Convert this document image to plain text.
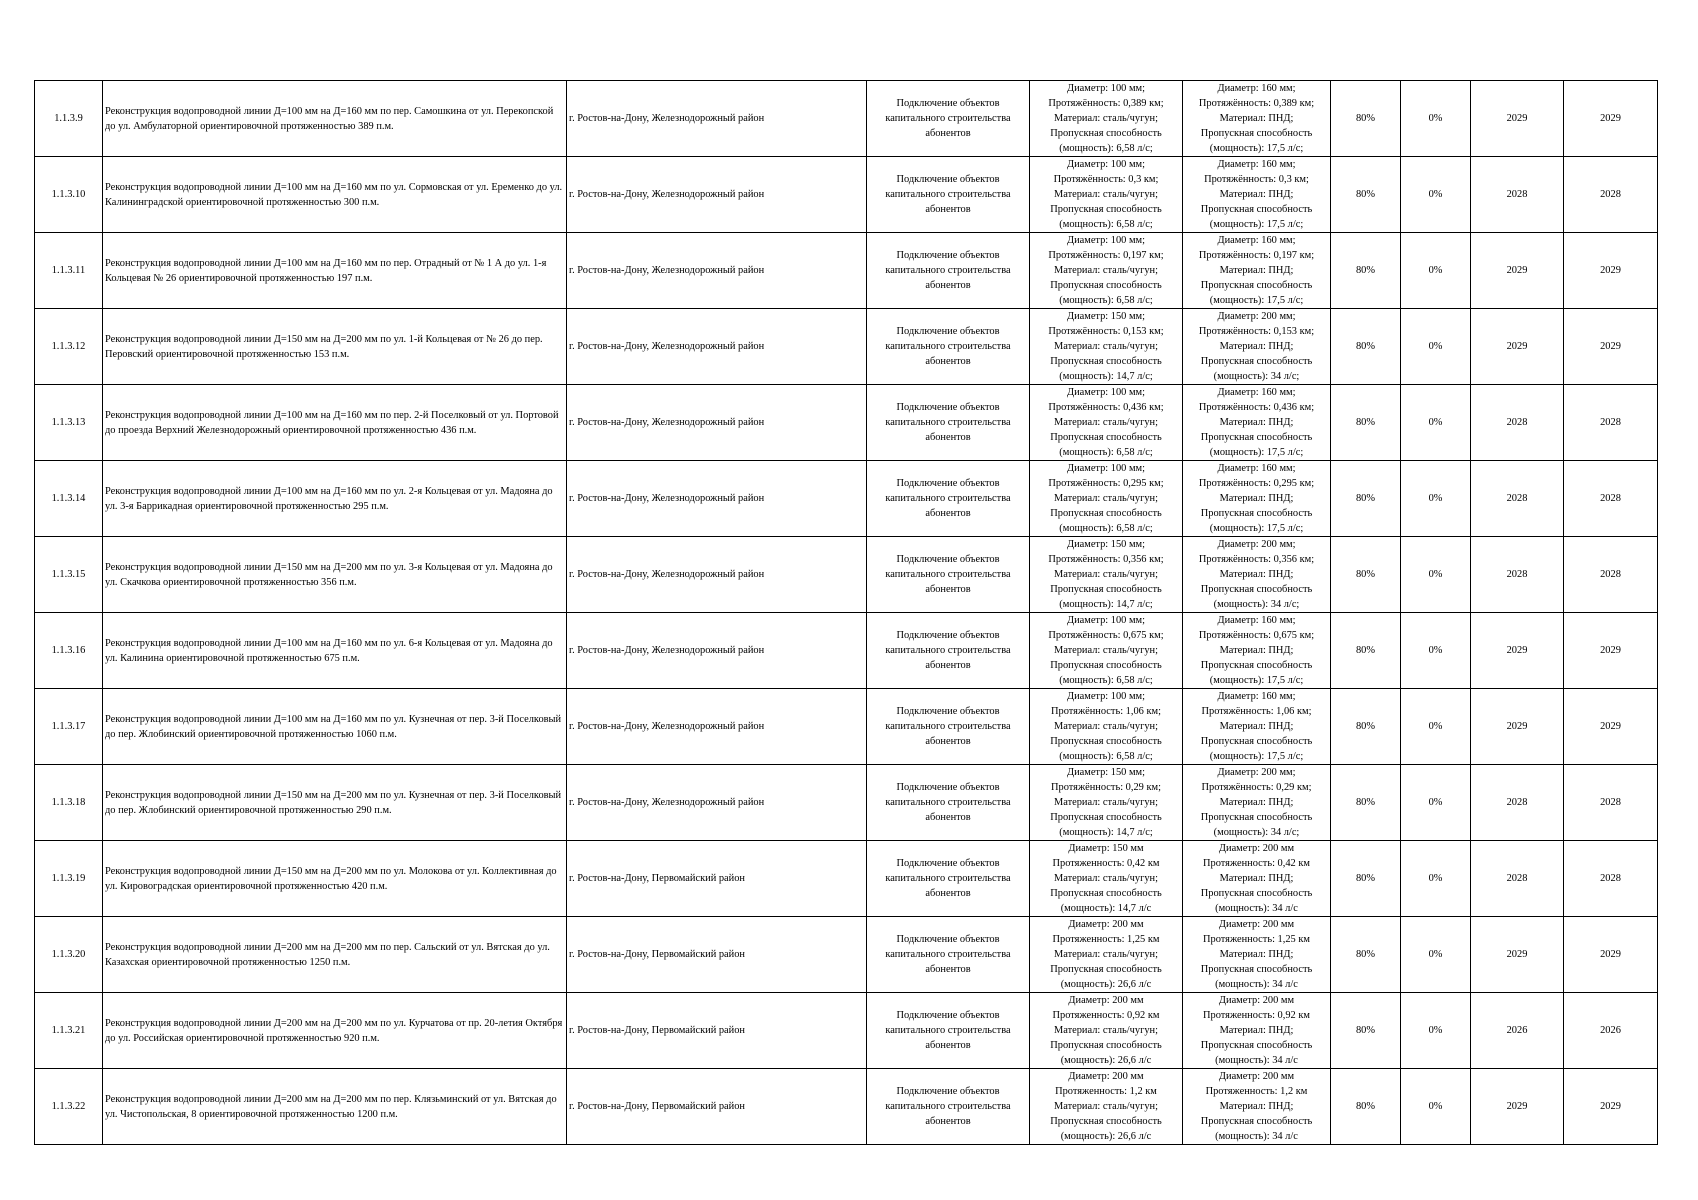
1.1.3.9	Реконструкция водопроводной линии Д=100 мм на Д=160 мм по пер. Самошкина от ул. Перекопской до ул. Амбулаторной ориентировочной протяженностью 389 п.м.	г. Ростов-на-Дону, Железнодорожный район	Подключение объектов капитального строительства абонентов	Диаметр: 100 мм;
Протяжённость: 0,389 км;
Материал: сталь/чугун;
Пропускная способность
(мощность): 6,58 л/с;	Диаметр: 160 мм;
Протяжённость: 0,389 км;
Материал: ПНД;
Пропускная способность
(мощность): 17,5 л/с;	80%	0%	2029	2029
1.1.3.10	Реконструкция водопроводной линии Д=100 мм на Д=160 мм по ул. Сормовская от ул. Еременко до ул. Калининградской ориентировочной протяженностью 300 п.м.	г. Ростов-на-Дону, Железнодорожный район	Подключение объектов капитального строительства абонентов	Диаметр: 100 мм;
Протяжённость: 0,3 км;
Материал: сталь/чугун;
Пропускная способность
(мощность): 6,58 л/с;	Диаметр: 160 мм;
Протяжённость: 0,3 км;
Материал: ПНД;
Пропускная способность
(мощность): 17,5 л/с;	80%	0%	2028	2028
1.1.3.11	Реконструкция водопроводной линии Д=100 мм на Д=160 мм по пер. Отрадный от № 1 А до ул. 1-я Кольцевая № 26 ориентировочной протяженностью 197 п.м.	г. Ростов-на-Дону, Железнодорожный район	Подключение объектов капитального строительства абонентов	Диаметр: 100 мм;
Протяжённость: 0,197 км;
Материал: сталь/чугун;
Пропускная способность
(мощность): 6,58 л/с;	Диаметр: 160 мм;
Протяжённость: 0,197 км;
Материал: ПНД;
Пропускная способность
(мощность): 17,5 л/с;	80%	0%	2029	2029
1.1.3.12	Реконструкция водопроводной линии Д=150 мм на Д=200 мм по ул. 1-й Кольцевая от № 26 до пер. Перовский ориентировочной протяженностью 153 п.м.	г. Ростов-на-Дону, Железнодорожный район	Подключение объектов капитального строительства абонентов	Диаметр: 150 мм;
Протяжённость: 0,153 км;
Материал: сталь/чугун;
Пропускная способность
(мощность): 14,7 л/с;	Диаметр: 200 мм;
Протяжённость: 0,153 км;
Материал: ПНД;
Пропускная способность
(мощность): 34 л/с;	80%	0%	2029	2029
1.1.3.13	Реконструкция водопроводной линии Д=100 мм на Д=160 мм по пер. 2-й Поселковый от ул. Портовой до проезда Верхний Железнодорожный ориентировочной протяженностью 436 п.м.	г. Ростов-на-Дону, Железнодорожный район	Подключение объектов капитального строительства абонентов	Диаметр: 100 мм;
Протяжённость: 0,436 км;
Материал: сталь/чугун;
Пропускная способность
(мощность): 6,58 л/с;	Диаметр: 160 мм;
Протяжённость: 0,436 км;
Материал: ПНД;
Пропускная способность
(мощность): 17,5 л/с;	80%	0%	2028	2028
1.1.3.14	Реконструкция водопроводной линии Д=100 мм на Д=160 мм по ул. 2-я Кольцевая от ул. Мадояна до ул. 3-я Баррикадная ориентировочной протяженностью 295 п.м.	г. Ростов-на-Дону, Железнодорожный район	Подключение объектов капитального строительства абонентов	Диаметр: 100 мм;
Протяжённость: 0,295 км;
Материал: сталь/чугун;
Пропускная способность
(мощность): 6,58 л/с;	Диаметр: 160 мм;
Протяжённость: 0,295 км;
Материал: ПНД;
Пропускная способность
(мощность): 17,5 л/с;	80%	0%	2028	2028
1.1.3.15	Реконструкция водопроводной линии Д=150 мм на Д=200 мм по ул. 3-я Кольцевая от ул. Мадояна до ул. Скачкова ориентировочной протяженностью 356 п.м.	г. Ростов-на-Дону, Железнодорожный район	Подключение объектов капитального строительства абонентов	Диаметр: 150 мм;
Протяжённость: 0,356 км;
Материал: сталь/чугун;
Пропускная способность
(мощность): 14,7 л/с;	Диаметр: 200 мм;
Протяжённость: 0,356 км;
Материал: ПНД;
Пропускная способность
(мощность): 34 л/с;	80%	0%	2028	2028
1.1.3.16	Реконструкция водопроводной линии Д=100 мм на Д=160 мм по ул. 6-я Кольцевая от ул. Мадояна до ул. Калинина ориентировочной протяженностью 675 п.м.	г. Ростов-на-Дону, Железнодорожный район	Подключение объектов капитального строительства абонентов	Диаметр: 100 мм;
Протяжённость: 0,675 км;
Материал: сталь/чугун;
Пропускная способность
(мощность): 6,58 л/с;	Диаметр: 160 мм;
Протяжённость: 0,675 км;
Материал: ПНД;
Пропускная способность
(мощность): 17,5 л/с;	80%	0%	2029	2029
1.1.3.17	Реконструкция водопроводной линии Д=100 мм на Д=160 мм по ул. Кузнечная от пер. 3-й Поселковый до пер. Жлобинский ориентировочной протяженностью 1060 п.м.	г. Ростов-на-Дону, Железнодорожный район	Подключение объектов капитального строительства абонентов	Диаметр: 100 мм;
Протяжённость: 1,06 км;
Материал: сталь/чугун;
Пропускная способность
(мощность): 6,58 л/с;	Диаметр: 160 мм;
Протяжённость: 1,06 км;
Материал: ПНД;
Пропускная способность
(мощность): 17,5 л/с;	80%	0%	2029	2029
1.1.3.18	Реконструкция водопроводной линии Д=150 мм на Д=200 мм по ул. Кузнечная от пер. 3-й Поселковый до пер. Жлобинский ориентировочной протяженностью 290 п.м.	г. Ростов-на-Дону, Железнодорожный район	Подключение объектов капитального строительства абонентов	Диаметр: 150 мм;
Протяжённость: 0,29 км;
Материал: сталь/чугун;
Пропускная способность
(мощность): 14,7 л/с;	Диаметр: 200 мм;
Протяжённость: 0,29 км;
Материал: ПНД;
Пропускная способность
(мощность): 34 л/с;	80%	0%	2028	2028
1.1.3.19	Реконструкция водопроводной линии Д=150 мм на Д=200 мм по ул. Молокова от ул. Коллективная до ул. Кировоградская ориентировочной протяженностью 420 п.м.	г. Ростов-на-Дону, Первомайский район	Подключение объектов капитального строительства абонентов	Диаметр: 150 мм
Протяженность: 0,42 км
Материал: сталь/чугун;
Пропускная способность
(мощность): 14,7 л/с	Диаметр: 200 мм
Протяженность: 0,42 км
Материал: ПНД;
Пропускная способность
(мощность): 34 л/с	80%	0%	2028	2028
1.1.3.20	Реконструкция водопроводной линии Д=200 мм на Д=200 мм по пер. Сальский от ул. Вятская до ул. Казахская ориентировочной протяженностью 1250 п.м.	г. Ростов-на-Дону, Первомайский район	Подключение объектов капитального строительства абонентов	Диаметр: 200 мм
Протяженность: 1,25 км
Материал: сталь/чугун;
Пропускная способность
(мощность): 26,6 л/с	Диаметр: 200 мм
Протяженность: 1,25 км
Материал: ПНД;
Пропускная способность
(мощность): 34 л/с	80%	0%	2029	2029
1.1.3.21	Реконструкция водопроводной линии Д=200 мм на Д=200 мм по ул. Курчатова от пр. 20-летия Октября до ул. Российская ориентировочной протяженностью 920 п.м.	г. Ростов-на-Дону, Первомайский район	Подключение объектов капитального строительства абонентов	Диаметр: 200 мм
Протяженность: 0,92 км
Материал: сталь/чугун;
Пропускная способность
(мощность): 26,6 л/с	Диаметр: 200 мм
Протяженность: 0,92 км
Материал: ПНД;
Пропускная способность
(мощность): 34 л/с	80%	0%	2026	2026
1.1.3.22	Реконструкция водопроводной линии Д=200 мм на Д=200 мм по пер. Клязьминский от ул. Вятская до ул. Чистопольская, 8 ориентировочной протяженностью 1200 п.м.	г. Ростов-на-Дону, Первомайский район	Подключение объектов капитального строительства абонентов	Диаметр: 200 мм
Протяженность: 1,2 км
Материал: сталь/чугун;
Пропускная способность
(мощность): 26,6 л/с	Диаметр: 200 мм
Протяженность: 1,2 км
Материал: ПНД;
Пропускная способность
(мощность): 34 л/с	80%	0%	2029	2029
